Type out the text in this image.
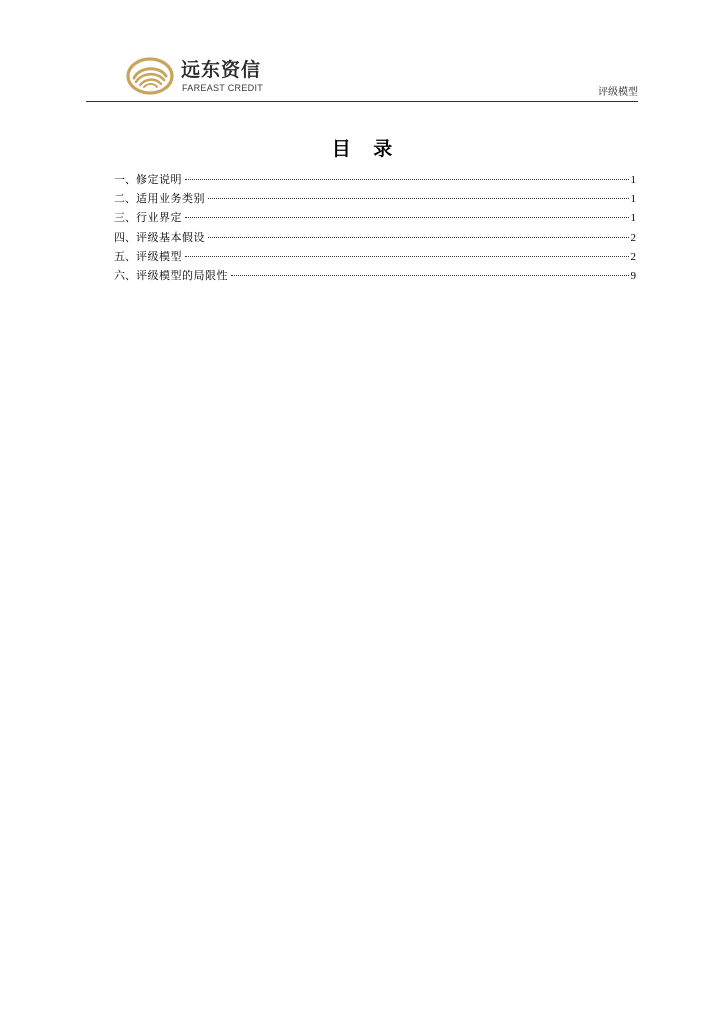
远东资信
FAREAST CREDIT	评级模型
目 录
一、 修定说明	1
二、 适用业务类别	1
三、 行业界定	1
四、 评级基本假设	2
五、 评级模型	2
六、 评级模型的局限性	9
